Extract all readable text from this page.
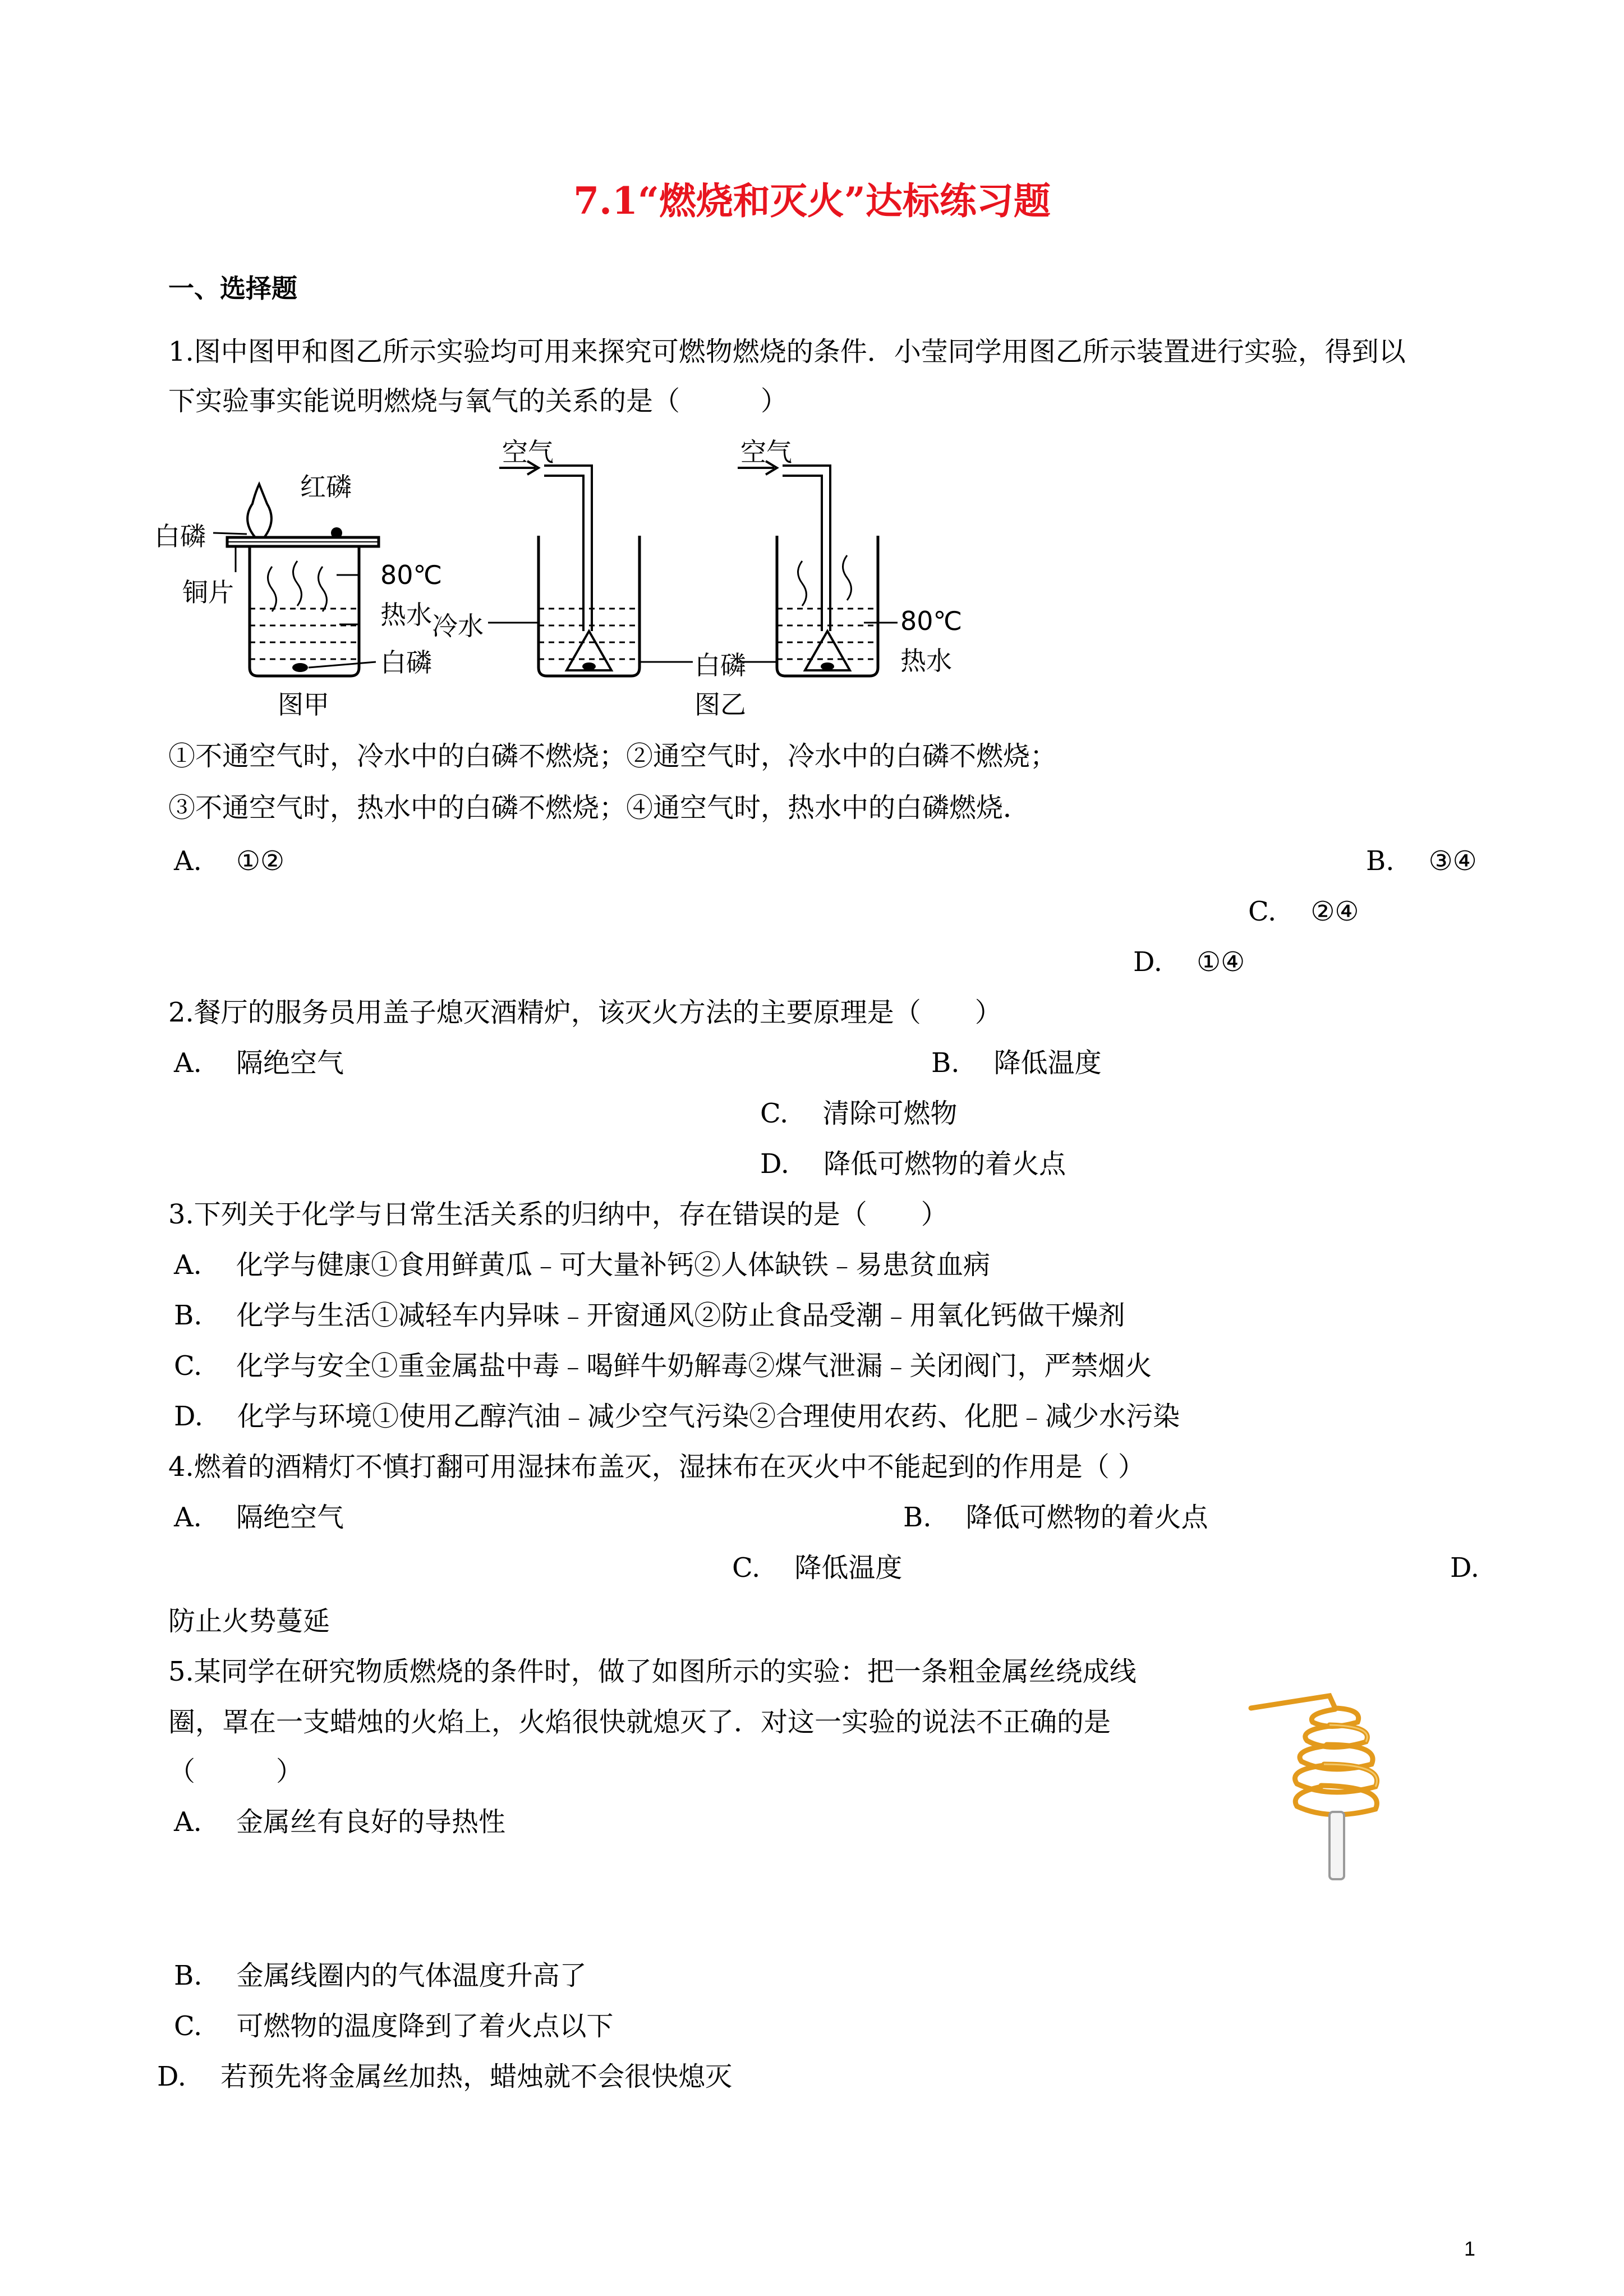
7.1“燃烧和灭火”达标练习题
一、选择题
1.图中图甲和图乙所示实验均可用来探究可燃物燃烧的条件．小莹同学用图乙所示装置进行实验，得到以
下实验事实能说明燃烧与氧气的关系的是（　　　）
白磷
红磷
铜片
80℃
热水
白磷
图甲
空气	空气
冷水
白磷
图乙
80℃
热水
①不通空气时，冷水中的白磷不燃烧；②通空气时，冷水中的白磷不燃烧；
③不通空气时，热水中的白磷不燃烧；④通空气时，热水中的白磷燃烧．
A. ①②	B. ③④
C. ②④
D. ①④
2.餐厅的服务员用盖子熄灭酒精炉，该灭火方法的主要原理是（　　）
A. 隔绝空气	B. 降低温度
C. 清除可燃物
D. 降低可燃物的着火点
3.下列关于化学与日常生活关系的归纳中，存在错误的是（　　）
A. 化学与健康①食用鲜黄瓜﹣可大量补钙②人体缺铁﹣易患贫血病
B. 化学与生活①减轻车内异味﹣开窗通风②防止食品受潮﹣用氧化钙做干燥剂
C. 化学与安全①重金属盐中毒﹣喝鲜牛奶解毒②煤气泄漏﹣关闭阀门，严禁烟火
D. 化学与环境①使用乙醇汽油﹣减少空气污染②合理使用农药、化肥﹣减少水污染
4.燃着的酒精灯不慎打翻可用湿抹布盖灭，湿抹布在灭火中不能起到的作用是（ ）
A. 隔绝空气	B. 降低可燃物的着火点
C. 降低温度	D.
防止火势蔓延
5.某同学在研究物质燃烧的条件时，做了如图所示的实验：把一条粗金属丝绕成线
圈，罩在一支蜡烛的火焰上，火焰很快就熄灭了．对这一实验的说法不正确的是
（　　　）
A. 金属丝有良好的导热性
B. 金属线圈内的气体温度升高了
C. 可燃物的温度降到了着火点以下
D. 若预先将金属丝加热，蜡烛就不会很快熄灭
1
